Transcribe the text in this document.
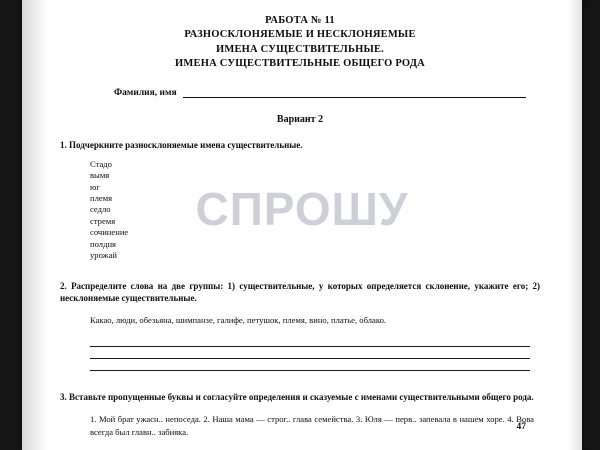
РАБОТА № 11
РАЗНОСКЛОНЯЕМЫЕ И НЕСКЛОНЯЕМЫЕ
ИМЕНА СУЩЕСТВИТЕЛЬНЫЕ.
ИМЕНА СУЩЕСТВИТЕЛЬНЫЕ ОБЩЕГО РОДА
Фамилия, имя
Вариант 2
1. Подчеркните разносклоняемые имена существительные.
Стадо
вымя
юг
племя
седло
стремя
сочинение
полдня
урожай
2. Распределите слова на две группы: 1) существительные, у которых определяется склонение, укажите его; 2) несклоняемые существительные.
Какао, люди, обезьяна, шимпанзе, галифе, петушок, племя, вино, платье, облако.
3. Вставьте пропущенные буквы и согласуйте определения и сказуемые с именами существительными общего рода.
1. Мой брат ужасн.. непоседа. 2. Наша мама — строг.. глава семейства. 3. Юля — перв.. запевала в нашем хоре. 4. Вова всегда был главн.. забияка.	47
СПРОШУ
